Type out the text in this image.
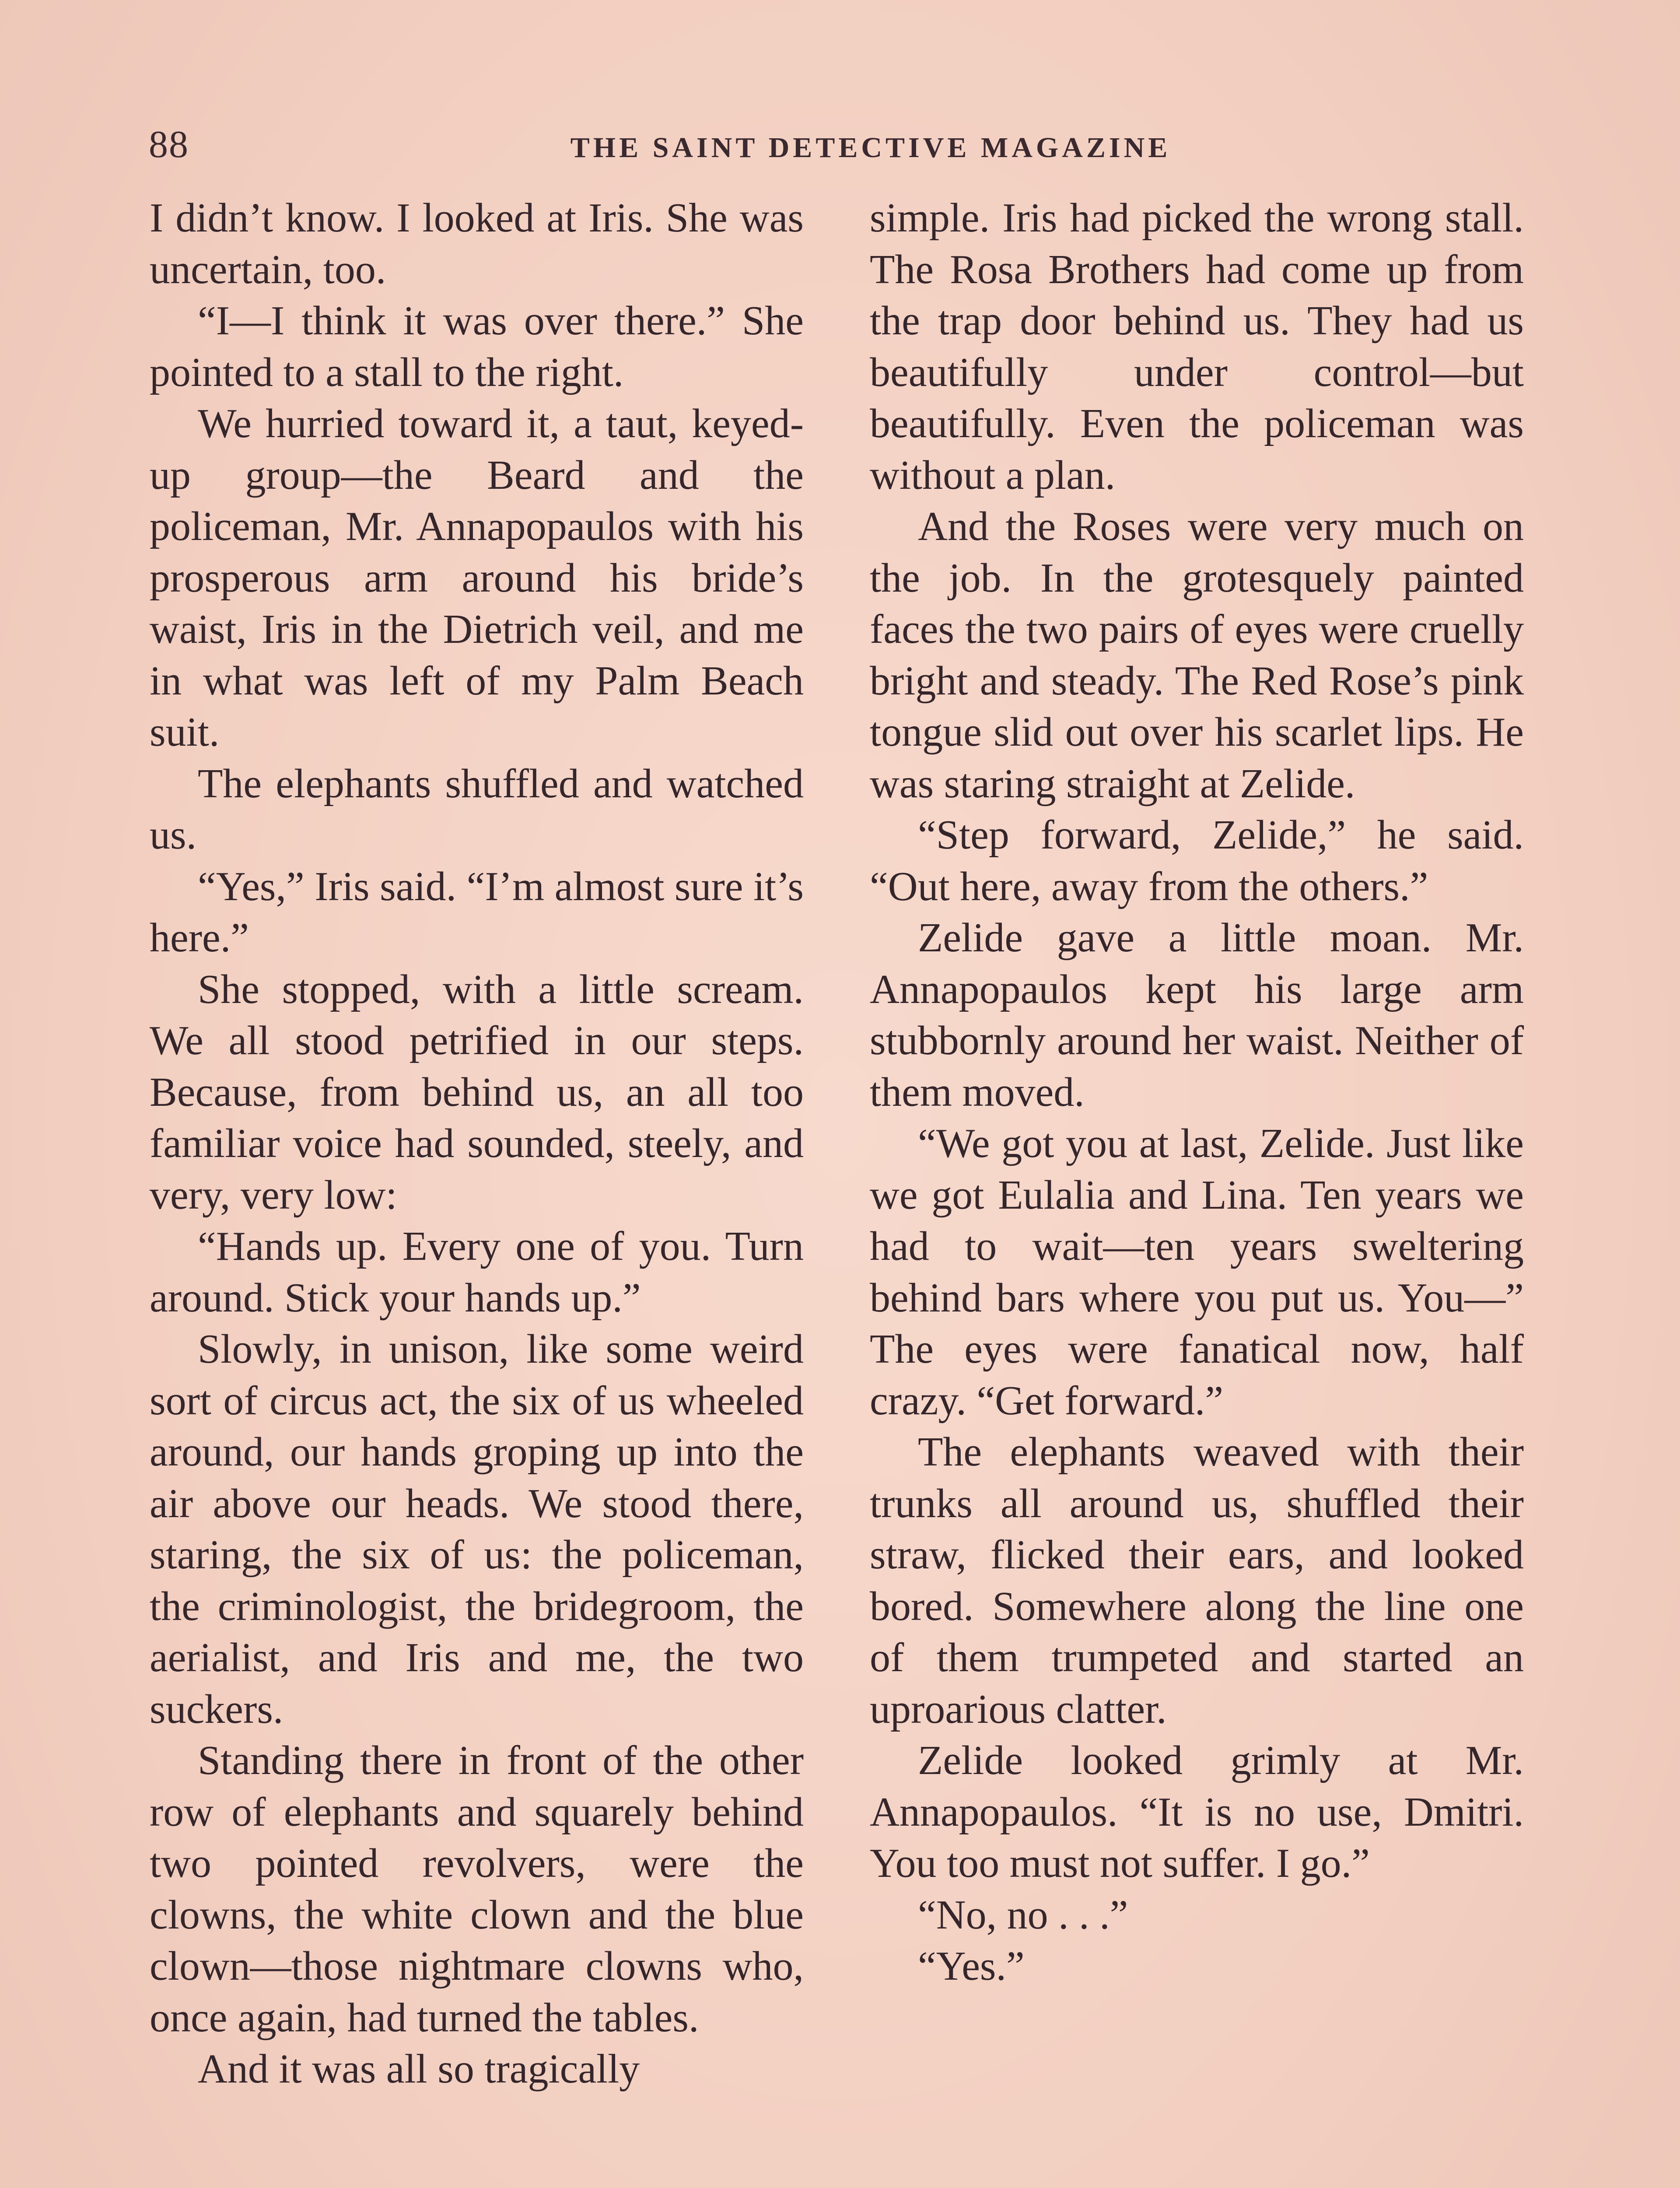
88	THE SAINT DETECTIVE MAGAZINE

I didn’t know. I looked at Iris. She was uncertain, too.

“I—I think it was over there.” She pointed to a stall to the right.

We hurried toward it, a taut, keyed-up group—the Beard and the policeman, Mr. Annapopaulos with his prosperous arm around his bride’s waist, Iris in the Dietrich veil, and me in what was left of my Palm Beach suit.

The elephants shuffled and watched us.

“Yes,” Iris said. “I’m almost sure it’s here.”

She stopped, with a little scream. We all stood petrified in our steps. Because, from behind us, an all too familiar voice had sounded, steely, and very, very low:

“Hands up. Every one of you. Turn around. Stick your hands up.”

Slowly, in unison, like some weird sort of circus act, the six of us wheeled around, our hands groping up into the air above our heads. We stood there, staring, the six of us: the policeman, the criminologist, the bridegroom, the aerialist, and Iris and me, the two suckers.

Standing there in front of the other row of elephants and squarely behind two pointed revolvers, were the clowns, the white clown and the blue clown—those nightmare clowns who, once again, had turned the tables.

And it was all so tragically

simple. Iris had picked the wrong stall. The Rosa Brothers had come up from the trap door behind us. They had us beautifully under control—but beautifully. Even the policeman was without a plan.

And the Roses were very much on the job. In the grotesquely painted faces the two pairs of eyes were cruelly bright and steady. The Red Rose’s pink tongue slid out over his scarlet lips. He was staring straight at Zelide.

“Step forward, Zelide,” he said. “Out here, away from the others.”

Zelide gave a little moan. Mr. Annapopaulos kept his large arm stubbornly around her waist. Neither of them moved.

“We got you at last, Zelide. Just like we got Eulalia and Lina. Ten years we had to wait—ten years sweltering behind bars where you put us. You—” The eyes were fanatical now, half crazy. “Get forward.”

The elephants weaved with their trunks all around us, shuffled their straw, flicked their ears, and looked bored. Somewhere along the line one of them trumpeted and started an uproarious clatter.

Zelide looked grimly at Mr. Annapopaulos. “It is no use, Dmitri. You too must not suffer. I go.”

“No, no . . .”

“Yes.”
